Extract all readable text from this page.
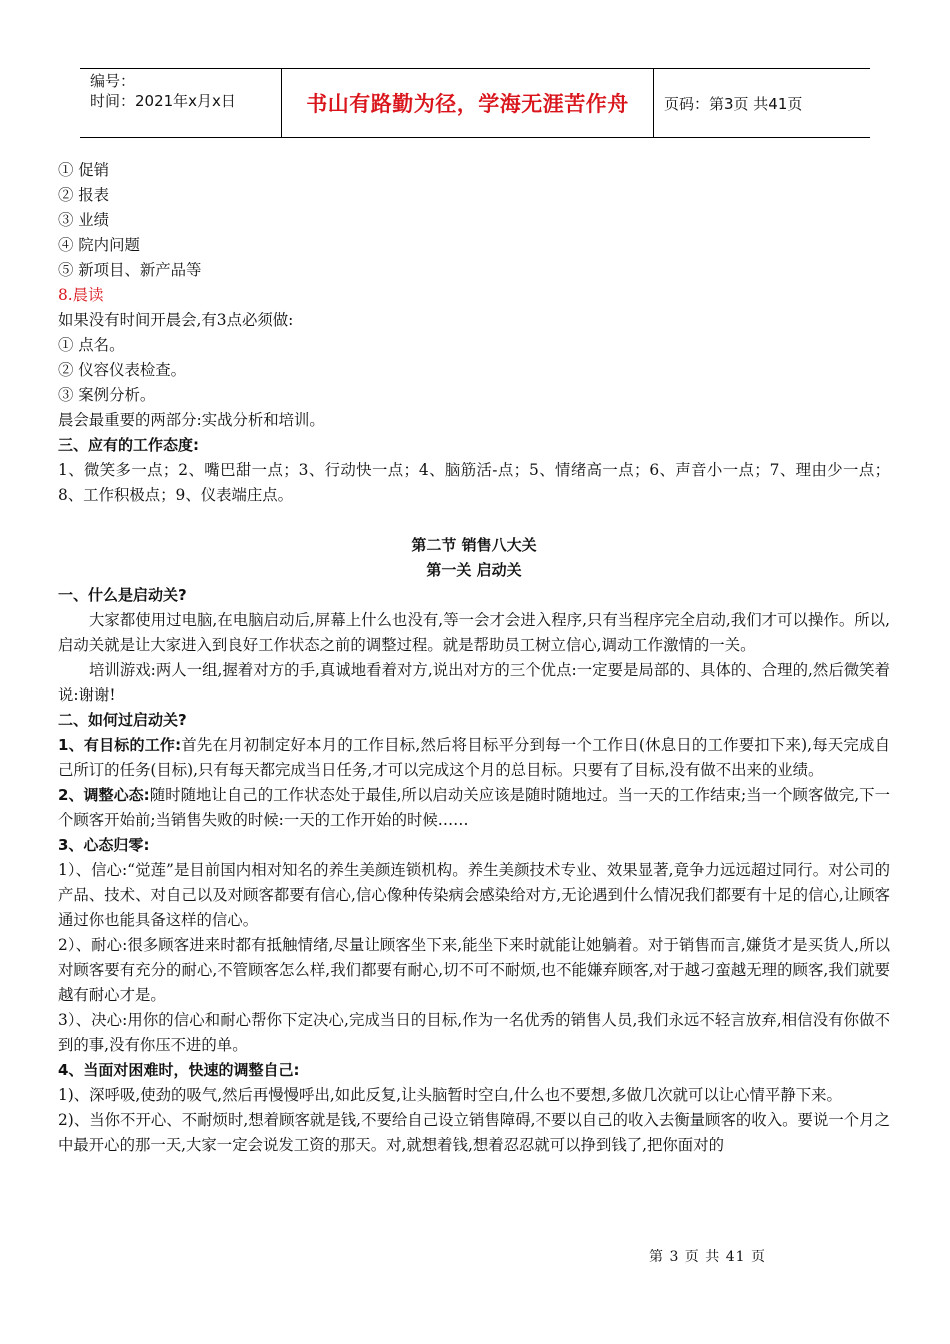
编号：
时间：2021年x月x日	书山有路勤为径，学海无涯苦作舟 页码：第3页 共41页

① 促销

② 报表

③ 业绩

④ 院内问题

⑤ 新项目、新产品等

8.晨读

如果没有时间开晨会,有3点必须做:

① 点名。

② 仪容仪表检查。

③ 案例分析。

晨会最重要的两部分:实战分析和培训。

三、应有的工作态度:

1、微笑多一点；2、嘴巴甜一点；3、行动快一点；4、脑筋活-点；5、情绪高一点；6、声音小一点；7、理由少一点；8、工作积极点；9、仪表端庄点。

第二节 销售八大关

第一关 启动关

一、什么是启动关?

大家都使用过电脑,在电脑启动后,屏幕上什么也没有,等一会才会进入程序,只有当程序完全启动,我们才可以操作。所以,启动关就是让大家进入到良好工作状态之前的调整过程。就是帮助员工树立信心,调动工作激情的一关。

培训游戏:两人一组,握着对方的手,真诚地看着对方,说出对方的三个优点:一定要是局部的、具体的、合理的,然后微笑着说:谢谢!

二、如何过启动关?

1、有目标的工作:首先在月初制定好本月的工作目标,然后将目标平分到每一个工作日(休息日的工作要扣下来),每天完成自己所订的任务(目标),只有每天都完成当日任务,才可以完成这个月的总目标。只要有了目标,没有做不出来的业绩。

2、调整心态:随时随地让自己的工作状态处于最佳,所以启动关应该是随时随地过。当一天的工作结束;当一个顾客做完,下一个顾客开始前;当销售失败的时候:一天的工作开始的时候……

3、心态归零:

1）、信心:“觉莲”是目前国内相对知名的养生美颜连锁机构。养生美颜技术专业、效果显著,竟争力远远超过同行。对公司的产品、技术、对自己以及对顾客都要有信心,信心像种传染病会感染给对方,无论遇到什么情况我们都要有十足的信心,让顾客通过你也能具备这样的信心。

2）、耐心:很多顾客进来时都有抵触情绪,尽量让顾客坐下来,能坐下来时就能让她躺着。对于销售而言,嫌货才是买货人,所以对顾客要有充分的耐心,不管顾客怎么样,我们都要有耐心,切不可不耐烦,也不能嫌弃顾客,对于越刁蛮越无理的顾客,我们就要越有耐心才是。

3）、决心:用你的信心和耐心帮你下定决心,完成当日的目标,作为一名优秀的销售人员,我们永远不轻言放弃,相信没有你做不到的事,没有你压不进的单。

4、当面对困难时，快速的调整自己:

1)、深呼吸,使劲的吸气,然后再慢慢呼出,如此反复,让头脑暂时空白,什么也不要想,多做几次就可以让心情平静下来。

2)、当你不开心、不耐烦时,想着顾客就是钱,不要给自己设立销售障碍,不要以自己的收入去衡量顾客的收入。要说一个月之中最开心的那一天,大家一定会说发工资的那天。对,就想着钱,想着忍忍就可以挣到钱了,把你面对的

第 3 页 共 41 页
